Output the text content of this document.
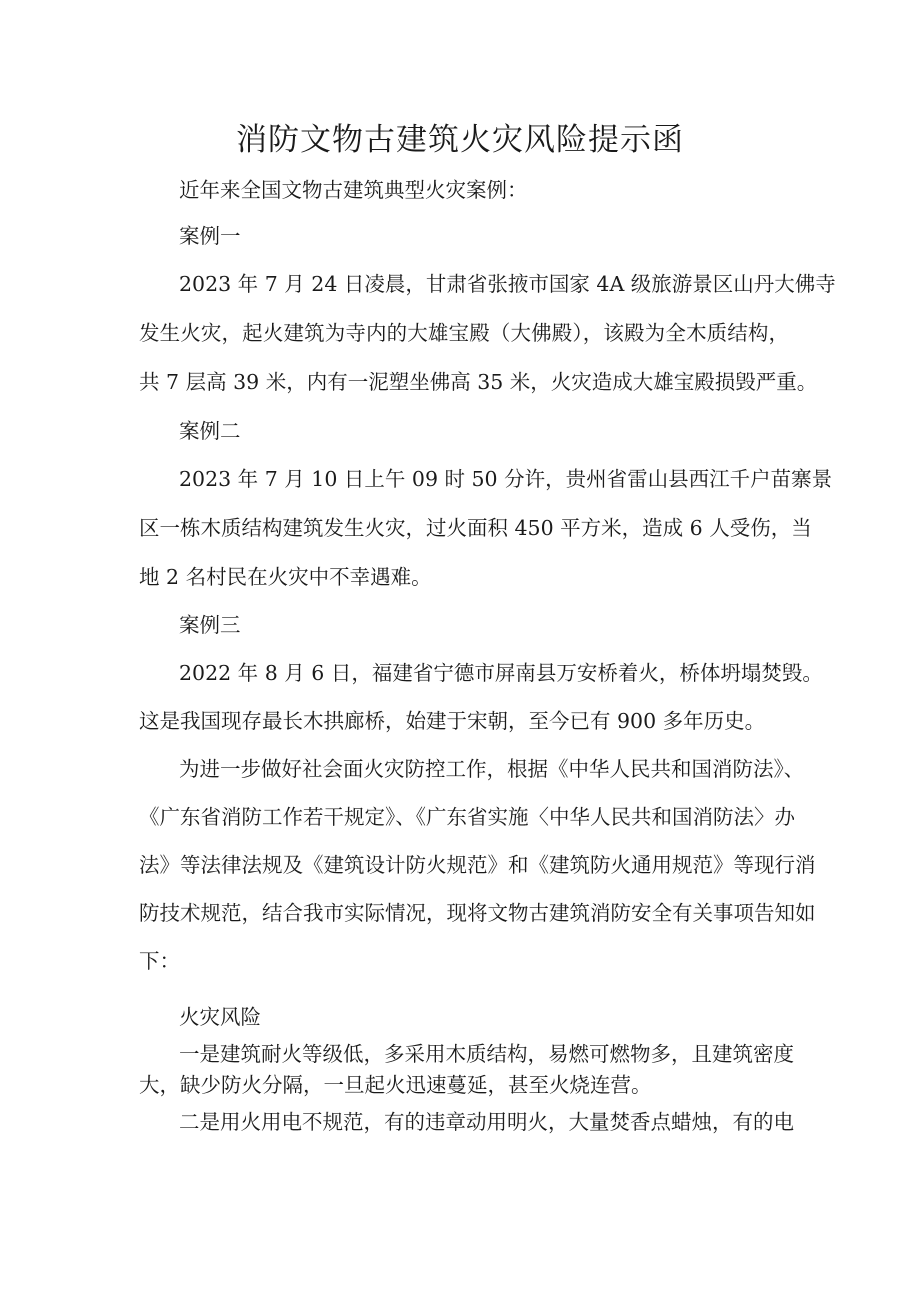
消防文物古建筑火灾风险提示函
近年来全国文物古建筑典型火灾案例：
案例一
2023 年 7 月 24 日凌晨，甘肃省张掖市国家 4A 级旅游景区山丹大佛寺
发生火灾，起火建筑为寺内的大雄宝殿（大佛殿），该殿为全木质结构，
共 7 层高 39 米，内有一泥塑坐佛高 35 米，火灾造成大雄宝殿损毁严重。
案例二
2023 年 7 月 10 日上午 09 时 50 分许，贵州省雷山县西江千户苗寨景
区一栋木质结构建筑发生火灾，过火面积 450 平方米，造成 6 人受伤，当
地 2 名村民在火灾中不幸遇难。
案例三
2022 年 8 月 6 日，福建省宁德市屏南县万安桥着火，桥体坍塌焚毁。
这是我国现存最长木拱廊桥，始建于宋朝，至今已有 900 多年历史。
为进一步做好社会面火灾防控工作，根据《中华人民共和国消防法》、
《广东省消防工作若干规定》、《广东省实施〈中华人民共和国消防法〉办
法》等法律法规及《建筑设计防火规范》和《建筑防火通用规范》等现行消
防技术规范，结合我市实际情况，现将文物古建筑消防安全有关事项告知如
下：
火灾风险
一是建筑耐火等级低，多采用木质结构，易燃可燃物多，且建筑密度
大，缺少防火分隔，一旦起火迅速蔓延，甚至火烧连营。
二是用火用电不规范，有的违章动用明火，大量焚香点蜡烛，有的电
